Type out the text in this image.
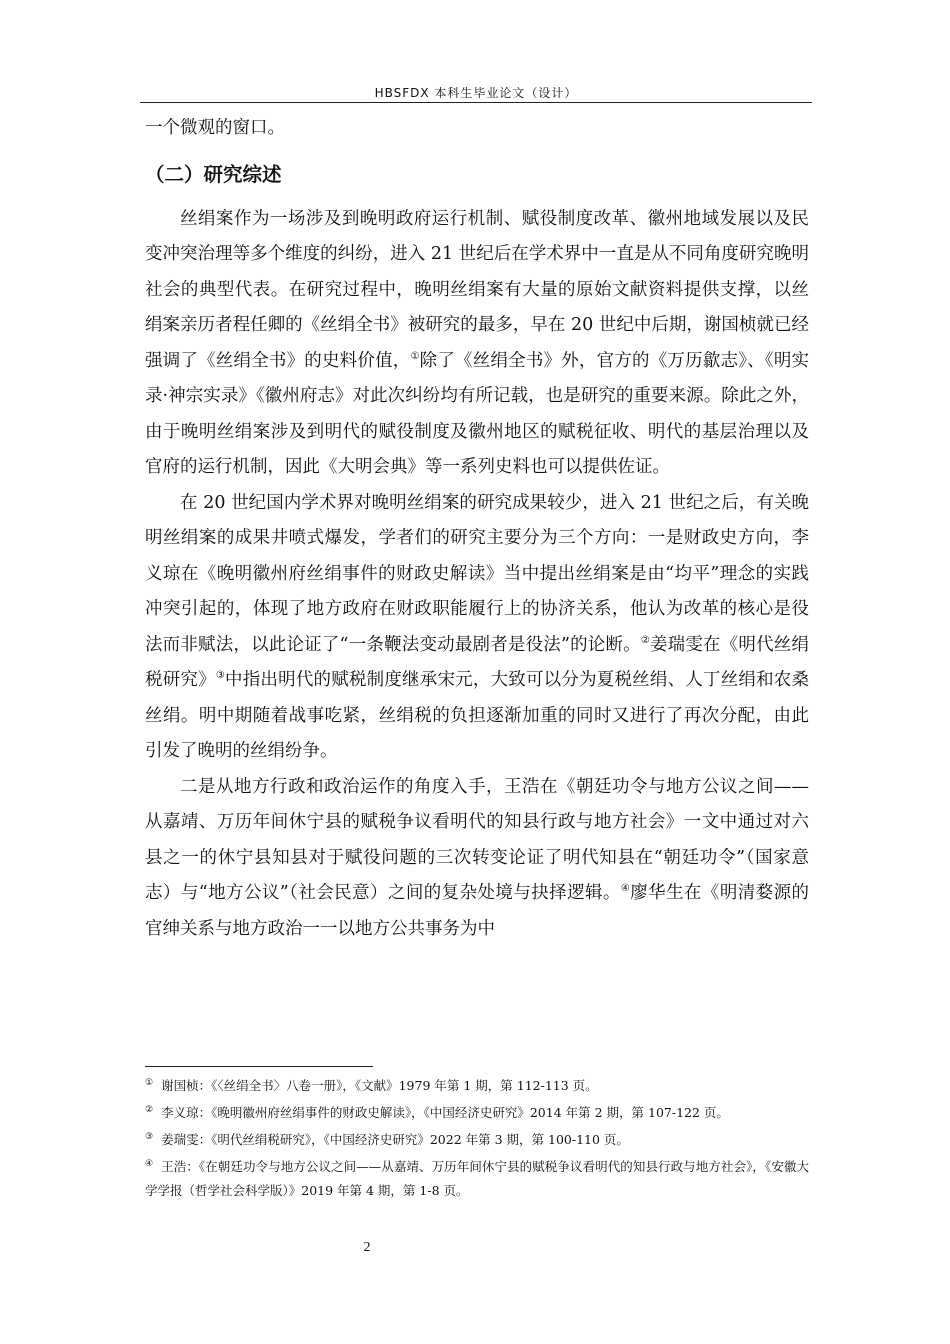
HBSFDX 本科生毕业论文（设计）

一个微观的窗口。

（二）研究综述

丝绢案作为一场涉及到晚明政府运行机制、赋役制度改革、徽州地域发展以及民变冲突治理等多个维度的纠纷，进入 21 世纪后在学术界中一直是从不同角度研究晚明社会的典型代表。在研究过程中，晚明丝绢案有大量的原始文献资料提供支撑，以丝绢案亲历者程任卿的《丝绢全书》被研究的最多，早在 20 世纪中后期，谢国桢就已经强调了《丝绢全书》的史料价值，①除了《丝绢全书》外，官方的《万历歙志》、《明实录·神宗实录》《徽州府志》对此次纠纷均有所记载，也是研究的重要来源。除此之外，由于晚明丝绢案涉及到明代的赋役制度及徽州地区的赋税征收、明代的基层治理以及官府的运行机制，因此《大明会典》等一系列史料也可以提供佐证。

在 20 世纪国内学术界对晚明丝绢案的研究成果较少，进入 21 世纪之后，有关晚明丝绢案的成果井喷式爆发，学者们的研究主要分为三个方向：一是财政史方向，李义琼在《晚明徽州府丝绢事件的财政史解读》当中提出丝绢案是由“均平”理念的实践冲突引起的，体现了地方政府在财政职能履行上的协济关系，他认为改革的核心是役法而非赋法，以此论证了“一条鞭法变动最剧者是役法”的论断。②姜瑞雯在《明代丝绢税研究》③中指出明代的赋税制度继承宋元，大致可以分为夏税丝绢、人丁丝绢和农桑丝绢。明中期随着战事吃紧，丝绢税的负担逐渐加重的同时又进行了再次分配，由此引发了晚明的丝绢纷争。

二是从地方行政和政治运作的角度入手，王浩在《朝廷功令与地方公议之间——从嘉靖、万历年间休宁县的赋税争议看明代的知县行政与地方社会》一文中通过对六县之一的休宁县知县对于赋役问题的三次转变论证了明代知县在“朝廷功令”（国家意志）与“地方公议”（社会民意）之间的复杂处境与抉择逻辑。④廖华生在《明清婺源的官绅关系与地方政治一一以地方公共事务为中

① 谢国桢：《〈丝绢全书〉八卷一册》，《文献》1979 年第 1 期，第 112-113 页。

② 李义琼：《晚明徽州府丝绢事件的财政史解读》，《中国经济史研究》2014 年第 2 期，第 107-122 页。

③ 姜瑞雯：《明代丝绢税研究》，《中国经济史研究》2022 年第 3 期，第 100-110 页。

④ 王浩：《在朝廷功令与地方公议之间——从嘉靖、万历年间休宁县的赋税争议看明代的知县行政与地方社会》，《安徽大学学报（哲学社会科学版）》2019 年第 4 期，第 1-8 页。

2
